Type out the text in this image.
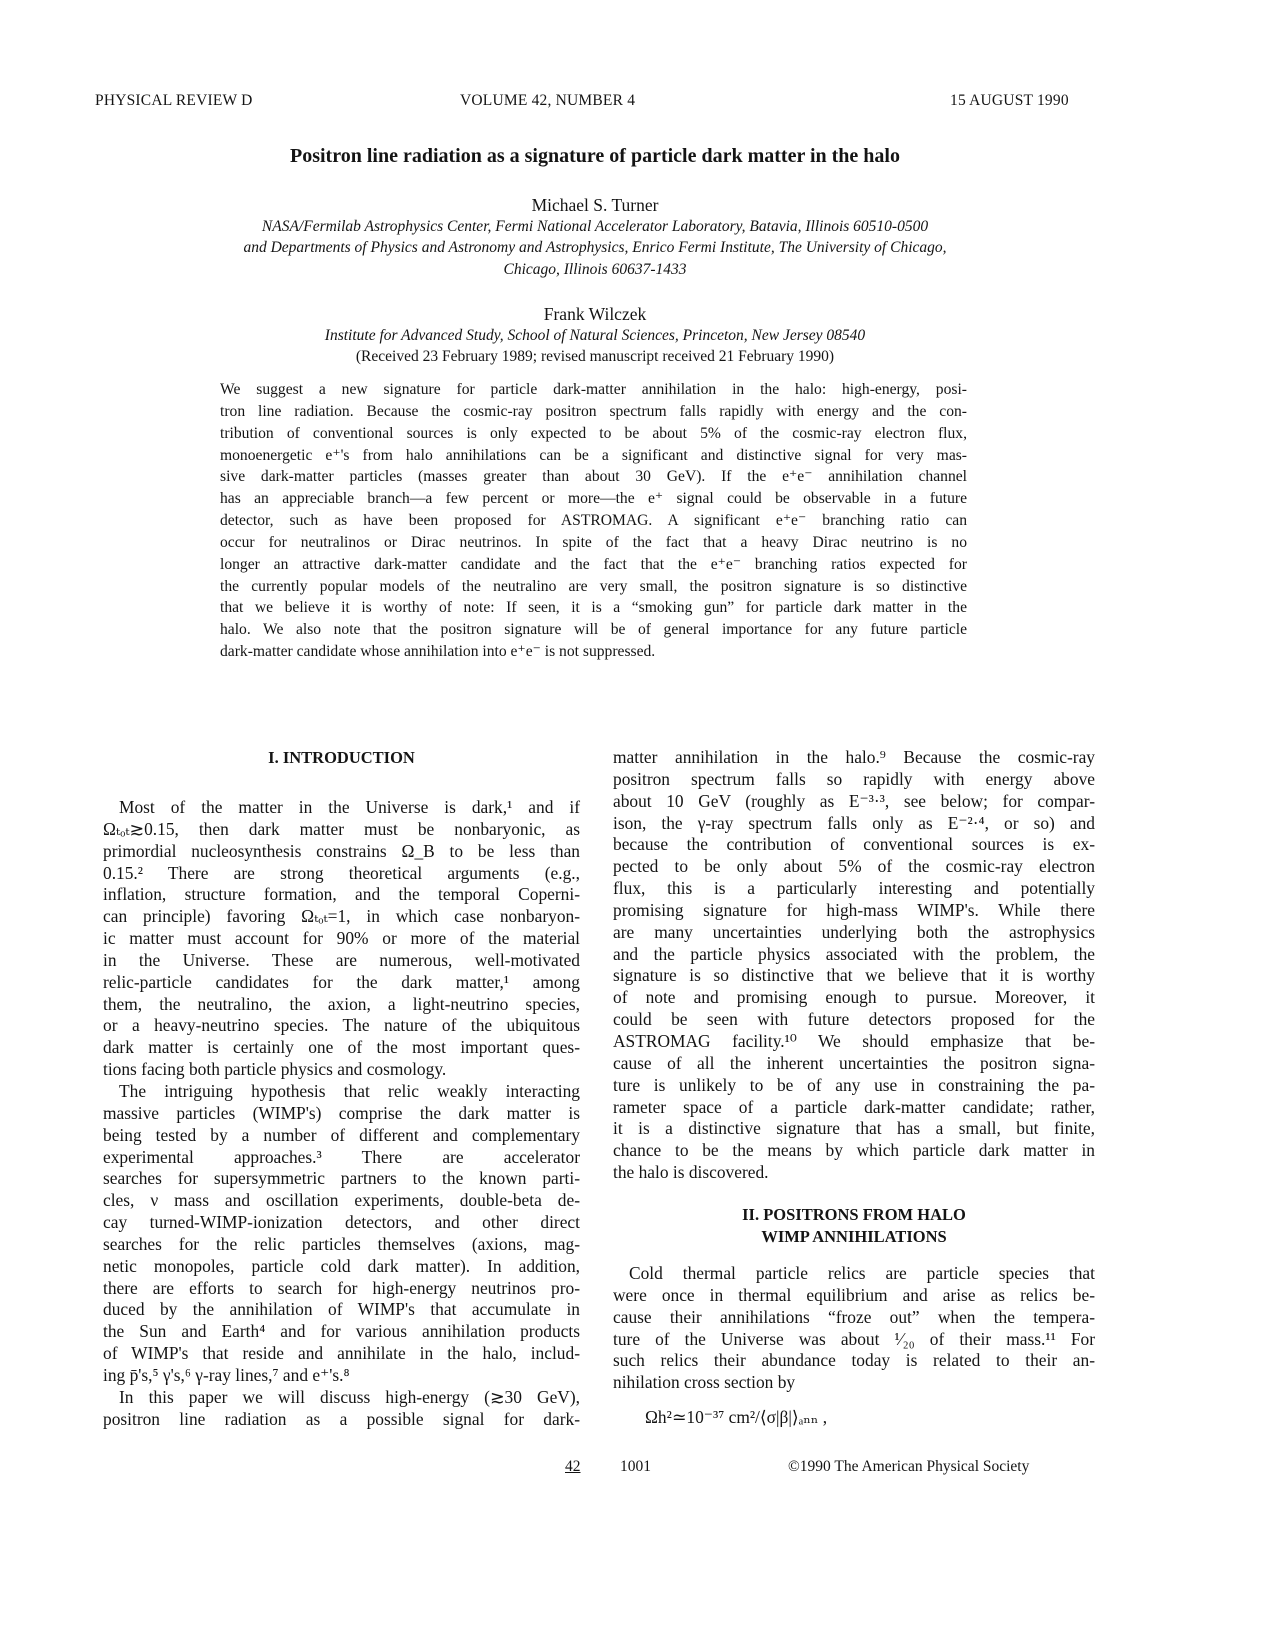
PHYSICAL REVIEW D	VOLUME 42, NUMBER 4	15 AUGUST 1990
Positron line radiation as a signature of particle dark matter in the halo
Michael S. Turner
NASA/Fermilab Astrophysics Center, Fermi National Accelerator Laboratory, Batavia, Illinois 60510-0500
and Departments of Physics and Astronomy and Astrophysics, Enrico Fermi Institute, The University of Chicago,
Chicago, Illinois 60637-1433
Frank Wilczek
Institute for Advanced Study, School of Natural Sciences, Princeton, New Jersey 08540
(Received 23 February 1989; revised manuscript received 21 February 1990)
We suggest a new signature for particle dark-matter annihilation in the halo: high-energy, posi-
tron line radiation. Because the cosmic-ray positron spectrum falls rapidly with energy and the con-
tribution of conventional sources is only expected to be about 5% of the cosmic-ray electron flux,
monoenergetic e⁺'s from halo annihilations can be a significant and distinctive signal for very mas-
sive dark-matter particles (masses greater than about 30 GeV). If the e⁺e⁻ annihilation channel
has an appreciable branch—a few percent or more—the e⁺ signal could be observable in a future
detector, such as have been proposed for ASTROMAG. A significant e⁺e⁻ branching ratio can
occur for neutralinos or Dirac neutrinos. In spite of the fact that a heavy Dirac neutrino is no
longer an attractive dark-matter candidate and the fact that the e⁺e⁻ branching ratios expected for
the currently popular models of the neutralino are very small, the positron signature is so distinctive
that we believe it is worthy of note: If seen, it is a “smoking gun” for particle dark matter in the
halo. We also note that the positron signature will be of general importance for any future particle
dark-matter candidate whose annihilation into e⁺e⁻ is not suppressed.
I. INTRODUCTION
Most of the matter in the Universe is dark,¹ and if
Ωₜₒₜ≳0.15, then dark matter must be nonbaryonic, as
primordial nucleosynthesis constrains Ω_B to be less than
0.15.² There are strong theoretical arguments (e.g.,
inflation, structure formation, and the temporal Coperni-
can principle) favoring Ωₜₒₜ=1, in which case nonbaryon-
ic matter must account for 90% or more of the material
in the Universe. These are numerous, well-motivated
relic-particle candidates for the dark matter,¹ among
them, the neutralino, the axion, a light-neutrino species,
or a heavy-neutrino species. The nature of the ubiquitous
dark matter is certainly one of the most important ques-
tions facing both particle physics and cosmology.
The intriguing hypothesis that relic weakly interacting
massive particles (WIMP's) comprise the dark matter is
being tested by a number of different and complementary
experimental approaches.³ There are accelerator
searches for supersymmetric partners to the known parti-
cles, ν mass and oscillation experiments, double-beta de-
cay turned-WIMP-ionization detectors, and other direct
searches for the relic particles themselves (axions, mag-
netic monopoles, particle cold dark matter). In addition,
there are efforts to search for high-energy neutrinos pro-
duced by the annihilation of WIMP's that accumulate in
the Sun and Earth⁴ and for various annihilation products
of WIMP's that reside and annihilate in the halo, includ-
ing p̄'s,⁵ γ's,⁶ γ-ray lines,⁷ and e⁺'s.⁸
In this paper we will discuss high-energy (≳30 GeV),
positron line radiation as a possible signal for dark-
matter annihilation in the halo.⁹ Because the cosmic-ray
positron spectrum falls so rapidly with energy above
about 10 GeV (roughly as E⁻³·³, see below; for compar-
ison, the γ-ray spectrum falls only as E⁻²·⁴, or so) and
because the contribution of conventional sources is ex-
pected to be only about 5% of the cosmic-ray electron
flux, this is a particularly interesting and potentially
promising signature for high-mass WIMP's. While there
are many uncertainties underlying both the astrophysics
and the particle physics associated with the problem, the
signature is so distinctive that we believe that it is worthy
of note and promising enough to pursue. Moreover, it
could be seen with future detectors proposed for the
ASTROMAG facility.¹⁰ We should emphasize that be-
cause of all the inherent uncertainties the positron signa-
ture is unlikely to be of any use in constraining the pa-
rameter space of a particle dark-matter candidate; rather,
it is a distinctive signature that has a small, but finite,
chance to be the means by which particle dark matter in
the halo is discovered.
II. POSITRONS FROM HALO
WIMP ANNIHILATIONS
Cold thermal particle relics are particle species that
were once in thermal equilibrium and arise as relics be-
cause their annihilations “froze out” when the tempera-
ture of the Universe was about ¹⁄₂₀ of their mass.¹¹ For
such relics their abundance today is related to their an-
nihilation cross section by
Ωh²≃10⁻³⁷ cm²/⟨σ|β|⟩ₐₙₙ ,
42	1001	©1990 The American Physical Society
